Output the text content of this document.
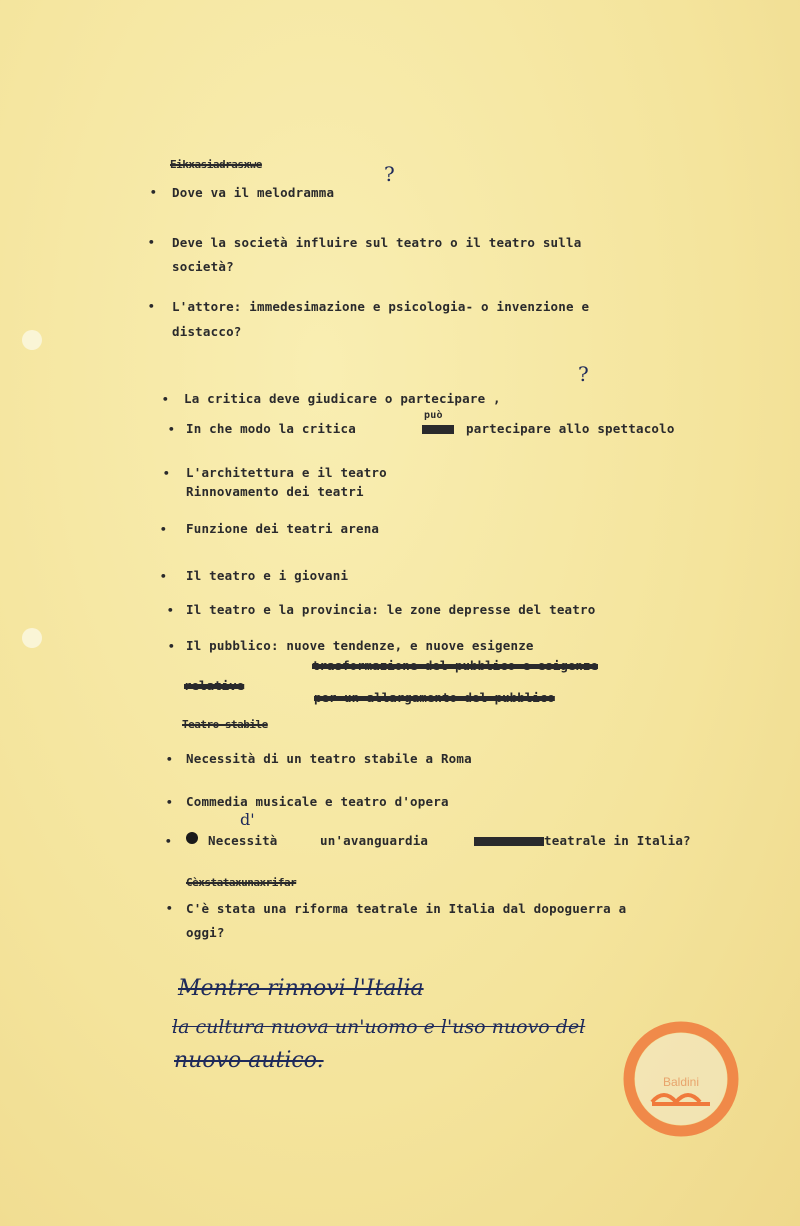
Eikxasiadrasxwe
• Dove va il melodramma

?
• Deve la società influire sul teatro o il teatro sulla

società?

• L'attore: immedesimazione e psicologia- o invenzione e

distacco?

?
• La critica deve giudicare o partecipare ,

• In che modo la critica

può

partecipare allo spettacolo

• L'architettura e il teatro

Rinnovamento dei teatri

• Funzione dei teatri arena

• Il teatro e i giovani

• Il teatro e la provincia: le zone depresse del teatro

• Il pubblico: nuove tendenze, e nuove esigenze

trasformazione del pubblico e esigenze
relative
per un allargamento del pubblico
Teatro stabile
• Necessità di un teatro stabile a Roma

• Commedia musicale e teatro d'opera

•	Necessità

d'

un'avanguardia	teatrale in Italia?

Cèxstataxunaxrifar
• C'è stata una riforma teatrale in Italia dal dopoguerra a

oggi?

Mentre rinnovi l'Italia
la cultura nuova un'uomo e l'uso nuovo del
nuovo autico.
Baldini
